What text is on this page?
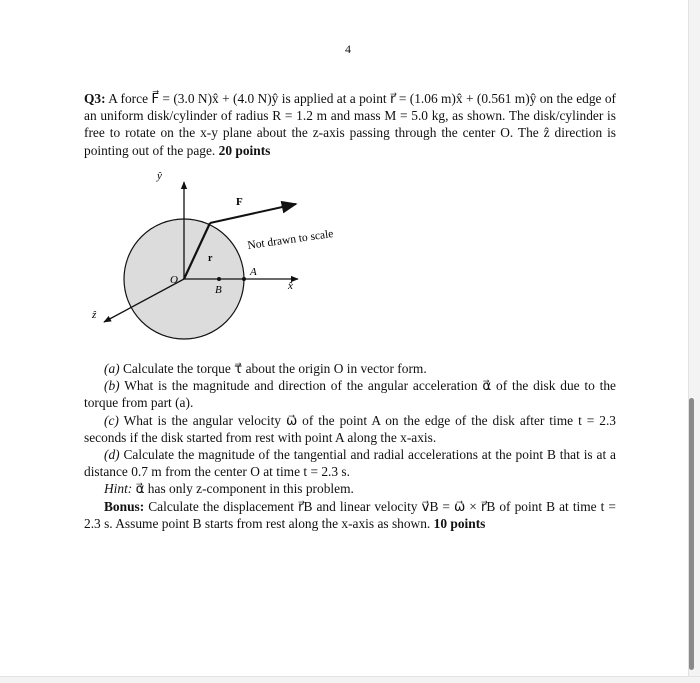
4
Q3: A force F⃗ = (3.0 N)x̂ + (4.0 N)ŷ is applied at a point r⃗ = (1.06 m)x̂ + (0.561 m)ŷ on the edge of an uniform disk/cylinder of radius R = 1.2 m and mass M = 5.0 kg, as shown. The disk/cylinder is free to rotate on the x-y plane about the z-axis passing through the center O. The ẑ direction is pointing out of the page. 20 points
ŷ
x̂
ẑ
F⃗
r⃗
O
A
B
Not drawn to scale

(a) Calculate the torque τ⃗ about the origin O in vector form.

(b) What is the magnitude and direction of the angular acceleration α⃗ of the disk due to the torque from part (a).

(c) What is the angular velocity ω⃗ of the point A on the edge of the disk after time t = 2.3 seconds if the disk started from rest with point A along the x-axis.

(d) Calculate the magnitude of the tangential and radial accelerations at the point B that is at a distance 0.7 m from the center O at time t = 2.3 s.

Hint: α⃗ has only z-component in this problem.

Bonus: Calculate the displacement r⃗B and linear velocity v⃗B = ω⃗ × r⃗B of point B at time t = 2.3 s. Assume point B starts from rest along the x-axis as shown. 10 points
